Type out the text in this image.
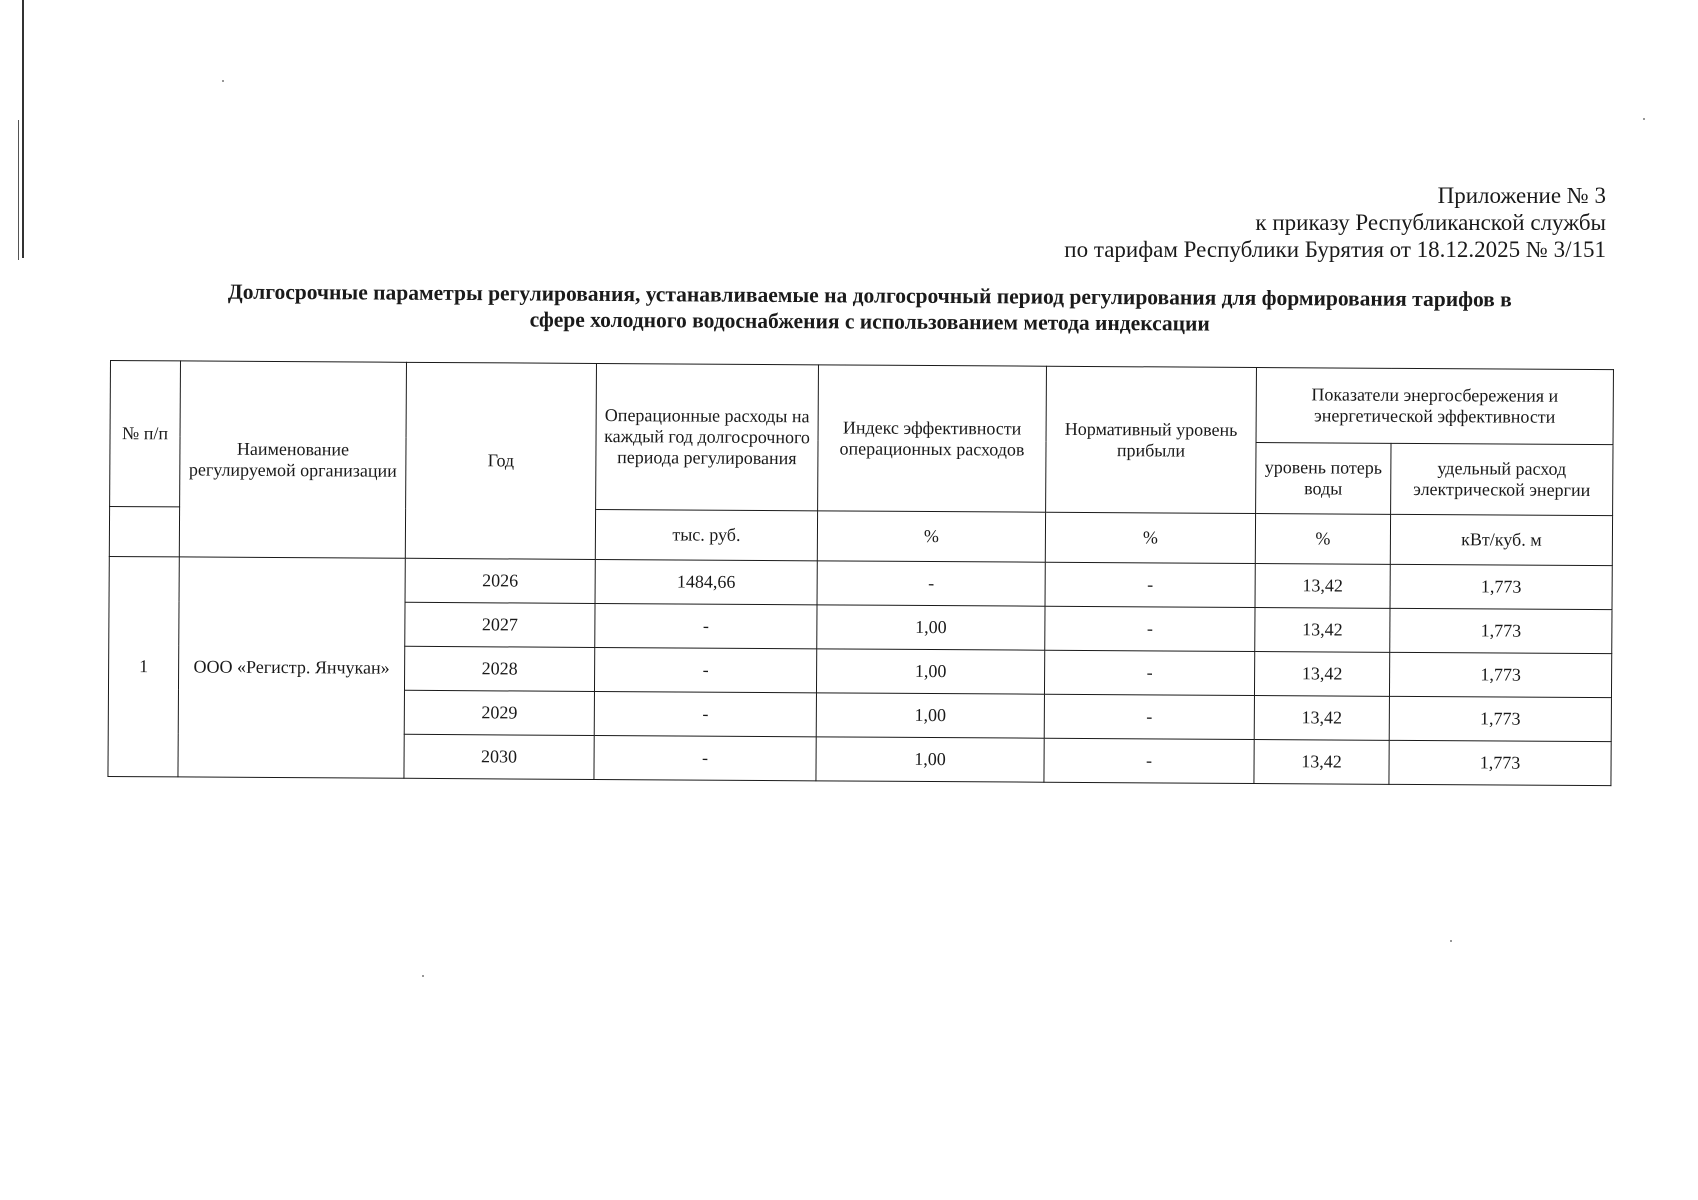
Приложение № 3
к приказу Республиканской службы
по тарифам Республики Бурятия от 18.12.2025 № 3/151
Долгосрочные параметры регулирования, устанавливаемые на долгосрочный период регулирования для формирования тарифов в
сфере холодного водоснабжения с использованием метода индексации
№ п/п	Наименование регулируемой организации	Год	Операционные расходы на каждый год долгосрочного периода регулирования	Индекс эффективности операционных расходов	Нормативный уровень прибыли	Показатели энергосбережения и энергетической эффективности	
						уровень потерь воды	удельный расход электрической энергии
			тыс. руб.	%	%	%	кВт/куб. м
1	ООО «Регистр. Янчукан»	2026	1484,66	-	-	13,42	1,773
		2027	-	1,00	-	13,42	1,773
		2028	-	1,00	-	13,42	1,773
		2029	-	1,00	-	13,42	1,773
		2030	-	1,00	-	13,42	1,773
